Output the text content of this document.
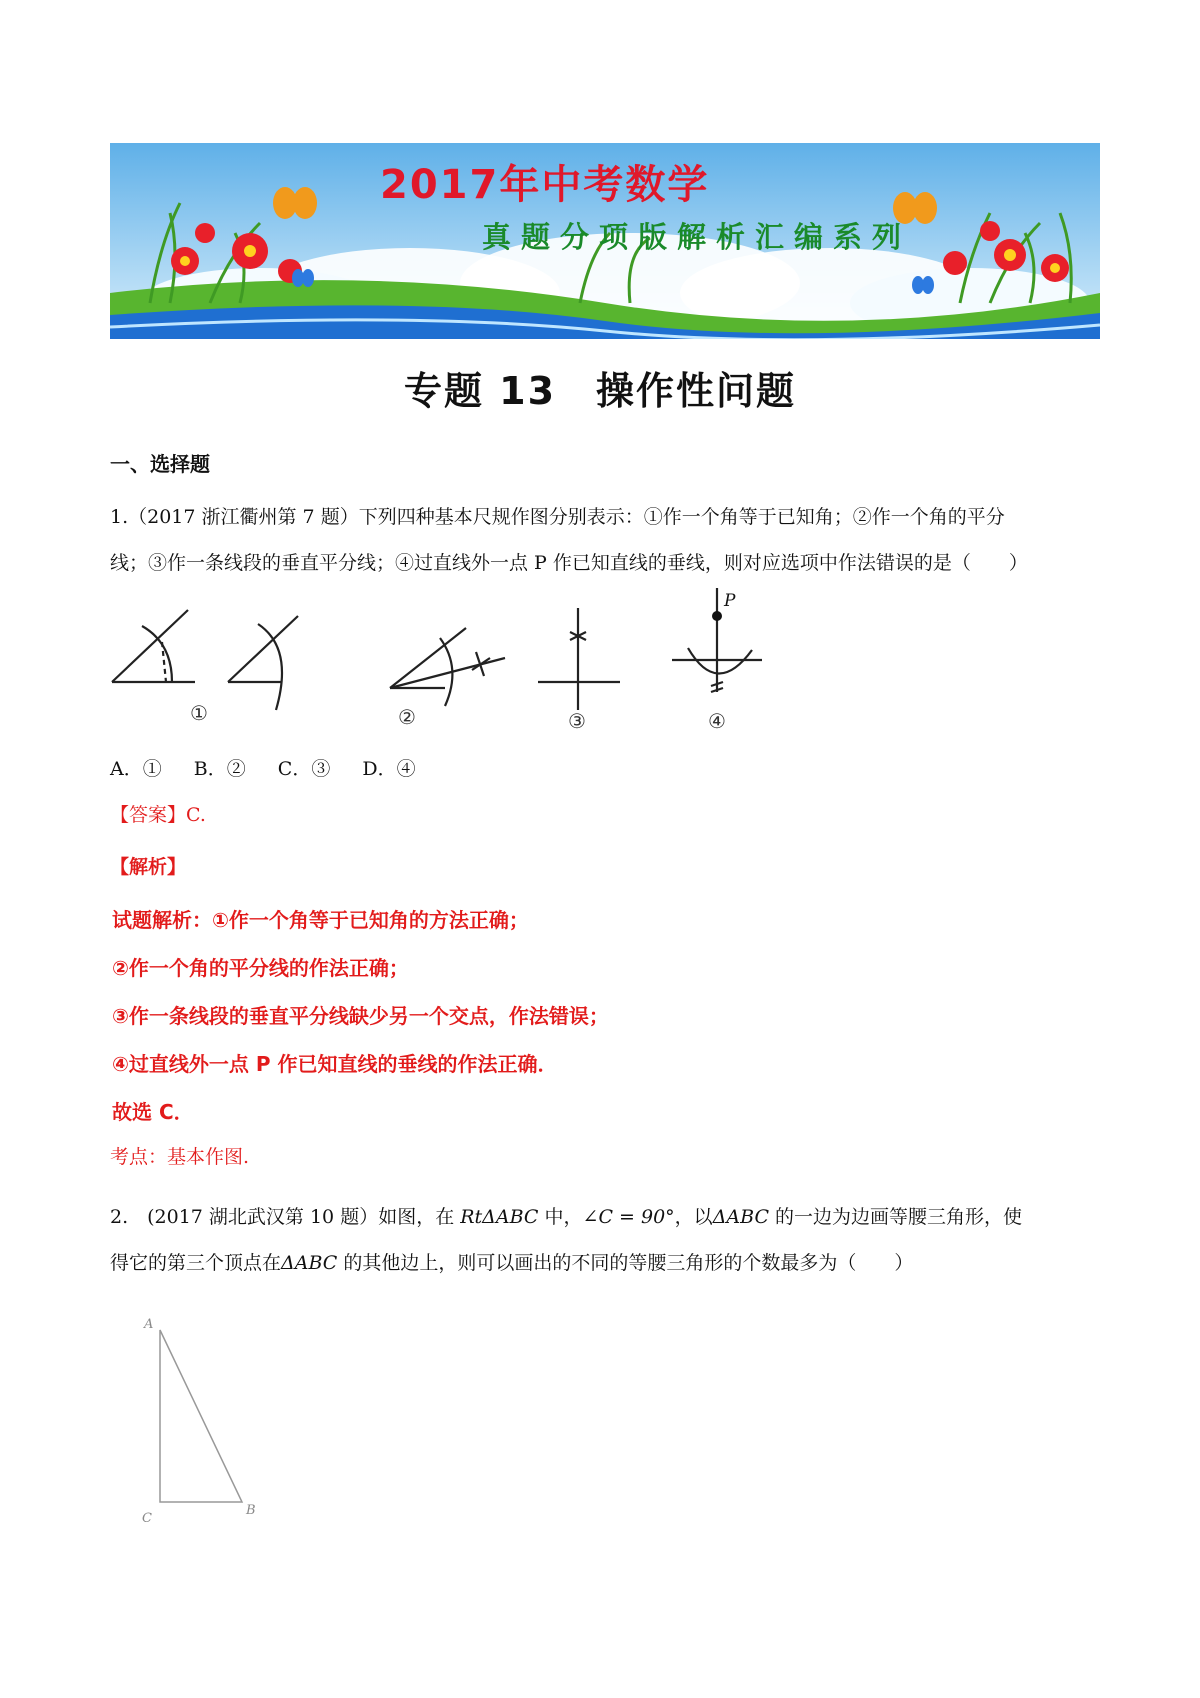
2017年中考数学
真题分项版解析汇编系列
专题 13　操作性问题
一、选择题
1.（2017 浙江衢州第 7 题）下列四种基本尺规作图分别表示：①作一个角等于已知角；②作一个角的平分
线；③作一条线段的垂直平分线；④过直线外一点 P 作已知直线的垂线，则对应选项中作法错误的是（　　）
P
①	②	③	④
A．① B．② C．③ D．④
【答案】C.
【解析】
试题解析：①作一个角等于已知角的方法正确；
②作一个角的平分线的作法正确；
③作一条线段的垂直平分线缺少另一个交点，作法错误；
④过直线外一点 P 作已知直线的垂线的作法正确．
故选 C．
考点：基本作图.
2.　(2017 湖北武汉第 10 题）如图，在 RtΔABC 中，∠C = 90°，以ΔABC 的一边为边画等腰三角形，使
得它的第三个顶点在ΔABC 的其他边上，则可以画出的不同的等腰三角形的个数最多为（　　）
A
C
B
